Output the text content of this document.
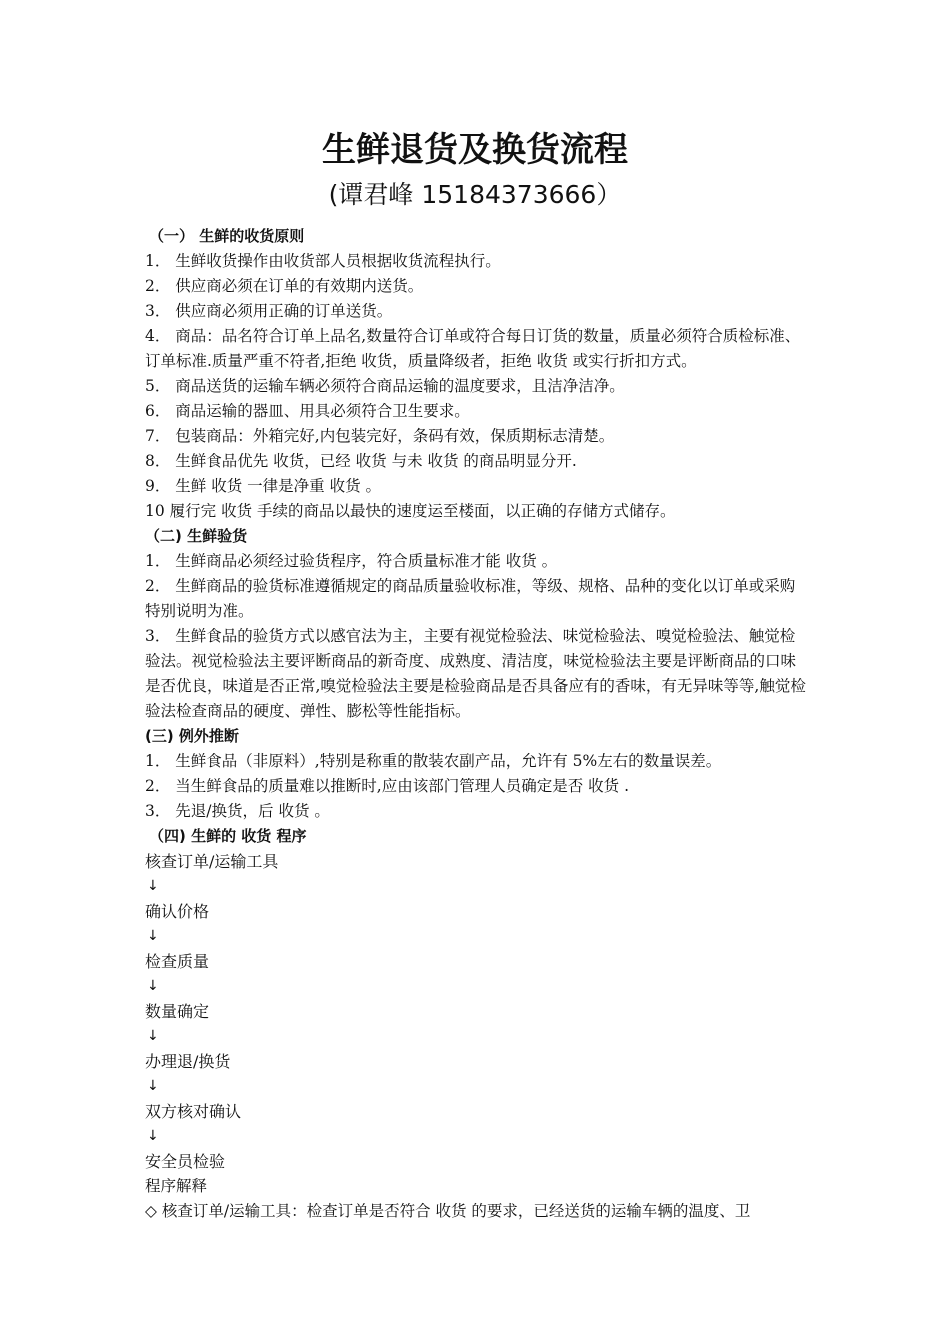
生鲜退货及换货流程
(谭君峰 15184373666）

（一） 生鲜的收货原则

1． 生鲜收货操作由收货部人员根据收货流程执行。

2． 供应商必须在订单的有效期内送货。

3． 供应商必须用正确的订单送货。

4． 商品：品名符合订单上品名,数量符合订单或符合每日订货的数量，质量必须符合质检标准、订单标准.质量严重不符者,拒绝 收货，质量降级者，拒绝 收货 或实行折扣方式。

5． 商品送货的运输车辆必须符合商品运输的温度要求，且洁净洁净。

6． 商品运输的器皿、用具必须符合卫生要求。

7． 包装商品：外箱完好,内包装完好，条码有效，保质期标志清楚。

8． 生鲜食品优先 收货，已经 收货 与未 收货 的商品明显分开.

9． 生鲜 收货 一律是净重 收货 。

10 履行完 收货 手续的商品以最快的速度运至楼面，以正确的存储方式储存。

（二) 生鲜验货

1． 生鲜商品必须经过验货程序，符合质量标准才能 收货 。

2． 生鲜商品的验货标准遵循规定的商品质量验收标准，等级、规格、品种的变化以订单或采购特别说明为准。

3． 生鲜食品的验货方式以感官法为主，主要有视觉检验法、味觉检验法、嗅觉检验法、触觉检验法。视觉检验法主要评断商品的新奇度、成熟度、清洁度，味觉检验法主要是评断商品的口味是否优良，味道是否正常,嗅觉检验法主要是检验商品是否具备应有的香味，有无异味等等,触觉检验法检查商品的硬度、弹性、膨松等性能指标。

(三) 例外推断

1． 生鲜食品（非原料）,特别是称重的散装农副产品，允许有 5%左右的数量误差。

2． 当生鲜食品的质量难以推断时,应由该部门管理人员确定是否 收货 .

3． 先退/换货，后 收货 。

（四) 生鲜的 收货 程序

核查订单/运输工具

↓

确认价格

↓

检查质量

↓

数量确定

↓

办理退/换货

↓

双方核对确认

↓

安全员检验

程序解释

◇ 核查订单/运输工具：检查订单是否符合 收货 的要求，已经送货的运输车辆的温度、卫
